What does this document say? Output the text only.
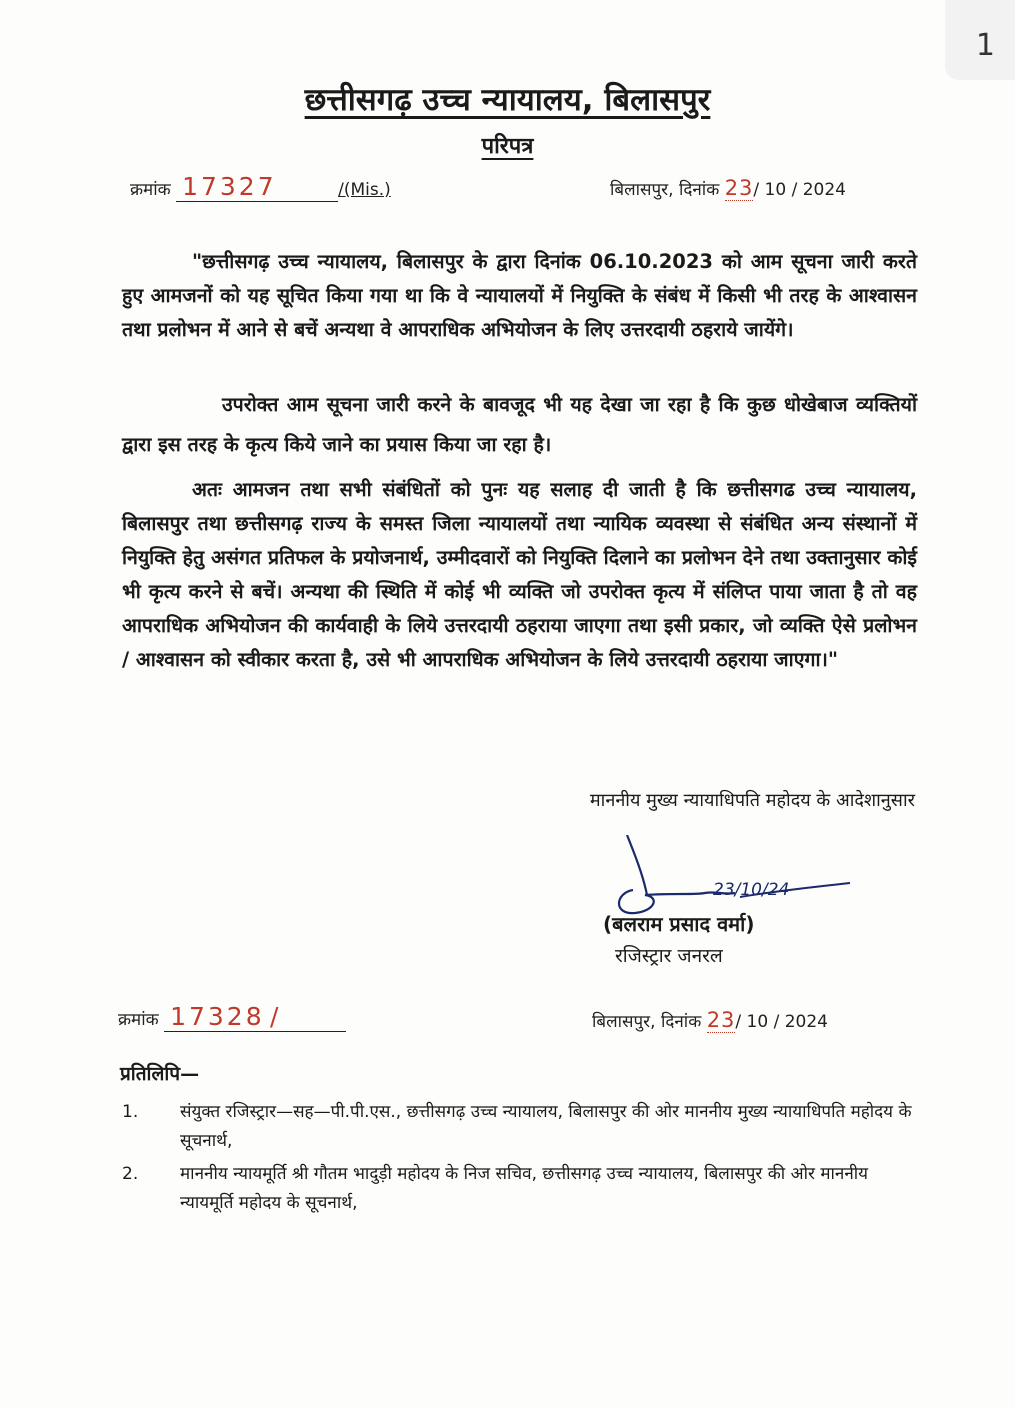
1
छत्तीसगढ़ उच्च न्यायालय, बिलासपुर
परिपत्र
क्रमांक 17327	/(Mis.)	बिलासपुर, दिनांक 23/ 10 / 2024
"छत्तीसगढ़ उच्च न्यायालय, बिलासपुर के द्वारा दिनांक 06.10.2023 को आम सूचना जारी करते हुए आमजनों को यह सूचित किया गया था कि वे न्यायालयों में नियुक्ति के संबंध में किसी भी तरह के आश्वासन तथा प्रलोभन में आने से बचें अन्यथा वे आपराधिक अभियोजन के लिए उत्तरदायी ठहराये जायेंगे।
उपरोक्त आम सूचना जारी करने के बावजूद भी यह देखा जा रहा है कि कुछ धोखेबाज व्यक्तियों द्वारा इस तरह के कृत्य किये जाने का प्रयास किया जा रहा है।
अतः आमजन तथा सभी संबंधितों को पुनः यह सलाह दी जाती है कि छत्तीसगढ उच्च न्यायालय, बिलासपुर तथा छत्तीसगढ़ राज्य के समस्त जिला न्यायालयों तथा न्यायिक व्यवस्था से संबंधित अन्य संस्थानों में नियुक्ति हेतु असंगत प्रतिफल के प्रयोजनार्थ, उम्मीदवारों को नियुक्ति दिलाने का प्रलोभन देने तथा उक्तानुसार कोई भी कृत्य करने से बचें। अन्यथा की स्थिति में कोई भी व्यक्ति जो उपरोक्त कृत्य में संलिप्त पाया जाता है तो वह आपराधिक अभियोजन की कार्यवाही के लिये उत्तरदायी ठहराया जाएगा तथा इसी प्रकार, जो व्यक्ति ऐसे प्रलोभन / आश्वासन को स्वीकार करता है, उसे भी आपराधिक अभियोजन के लिये उत्तरदायी ठहराया जाएगा।"
माननीय मुख्य न्यायाधिपति महोदय के आदेशानुसार
23/10/24
(बलराम प्रसाद वर्मा)
रजिस्ट्रार जनरल
क्रमांक 17328 /	बिलासपुर, दिनांक 23/ 10 / 2024
प्रतिलिपि—
1. संयुक्त रजिस्ट्रार—सह—पी.पी.एस., छत्तीसगढ़ उच्च न्यायालय, बिलासपुर की ओर माननीय मुख्य न्यायाधिपति महोदय के सूचनार्थ,
2. माननीय न्यायमूर्ति श्री गौतम भादुड़ी महोदय के निज सचिव, छत्तीसगढ़ उच्च न्यायालय, बिलासपुर की ओर माननीय न्यायमूर्ति महोदय के सूचनार्थ,
